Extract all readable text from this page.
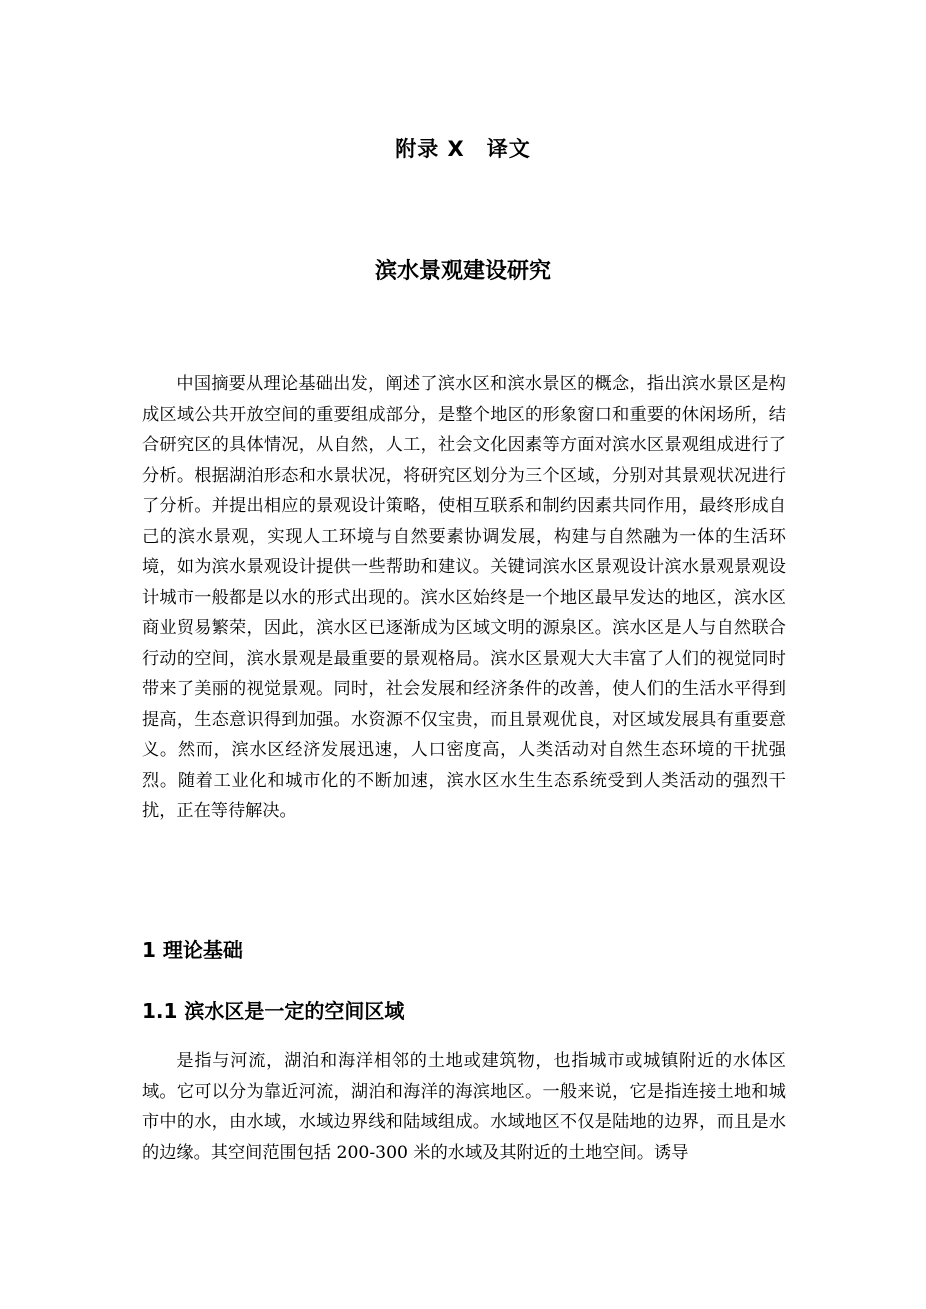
附录 X 译文
滨水景观建设研究

中国摘要从理论基础出发，阐述了滨水区和滨水景区的概念，指出滨水景区是构成区域公共开放空间的重要组成部分，是整个地区的形象窗口和重要的休闲场所，结合研究区的具体情况，从自然，人工，社会文化因素等方面对滨水区景观组成进行了分析。根据湖泊形态和水景状况，将研究区划分为三个区域，分别对其景观状况进行了分析。并提出相应的景观设计策略，使相互联系和制约因素共同作用，最终形成自己的滨水景观，实现人工环境与自然要素协调发展，构建与自然融为一体的生活环境，如为滨水景观设计提供一些帮助和建议。关键词滨水区景观设计滨水景观景观设计城市一般都是以水的形式出现的。滨水区始终是一个地区最早发达的地区，滨水区商业贸易繁荣，因此，滨水区已逐渐成为区域文明的源泉区。滨水区是人与自然联合行动的空间，滨水景观是最重要的景观格局。滨水区景观大大丰富了人们的视觉同时带来了美丽的视觉景观。同时，社会发展和经济条件的改善，使人们的生活水平得到提高，生态意识得到加强。水资源不仅宝贵，而且景观优良，对区域发展具有重要意义。然而，滨水区经济发展迅速，人口密度高，人类活动对自然生态环境的干扰强烈。随着工业化和城市化的不断加速，滨水区水生生态系统受到人类活动的强烈干扰，正在等待解决。

1 理论基础
1.1 滨水区是一定的空间区域

是指与河流，湖泊和海洋相邻的土地或建筑物，也指城市或城镇附近的水体区域。它可以分为靠近河流，湖泊和海洋的海滨地区。一般来说，它是指连接土地和城市中的水，由水域，水域边界线和陆域组成。水域地区不仅是陆地的边界，而且是水的边缘。其空间范围包括 200-300 米的水域及其附近的土地空间。诱导
